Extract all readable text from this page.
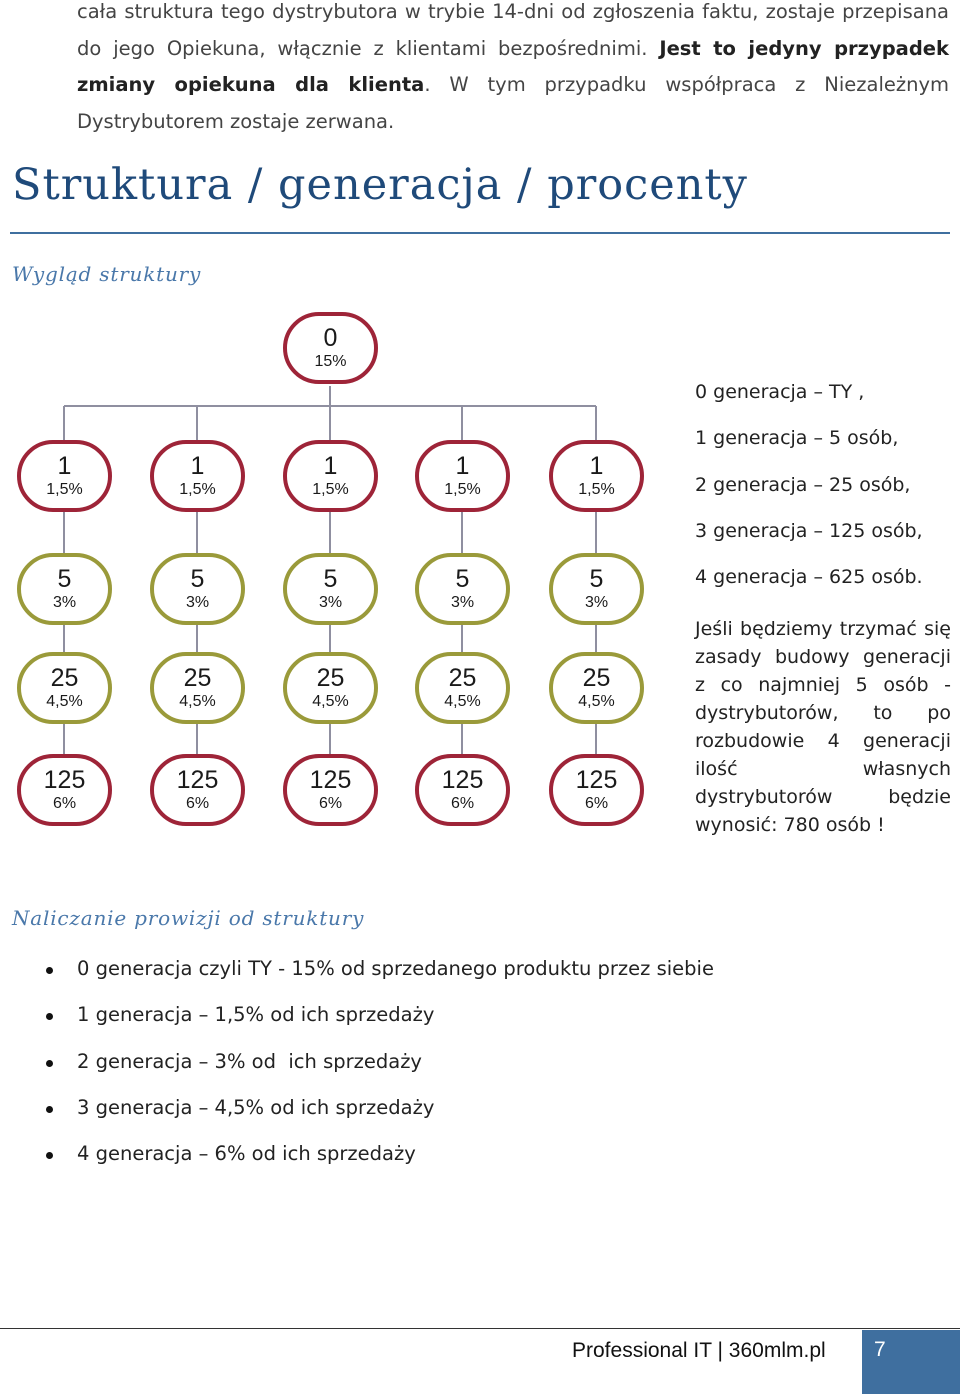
cała struktura tego dystrybutora w trybie 14-dni od zgłoszenia faktu, zostaje przepisana do jego Opiekuna, włącznie z klientami bezpośrednimi. Jest to jedyny przypadek zmiany opiekuna dla klienta. W tym przypadku współpraca z Niezależnym Dystrybutorem zostaje zerwana.
Struktura / generacja / procenty
Wygląd struktury
0
15%
1
1,5%
1
1,5%
1
1,5%
1
1,5%
1
1,5%
5
3%
5
3%
5
3%
5
3%
5
3%
25
4,5%
25
4,5%
25
4,5%
25
4,5%
25
4,5%
125
6%
125
6%
125
6%
125
6%
125
6%
0 generacja – TY ,
1 generacja – 5 osób,
2 generacja – 25 osób,
3 generacja – 125 osób,
4 generacja – 625 osób.
Jeśli będziemy trzymać się zasady budowy generacji z co najmniej 5 osób - dystrybutorów, to po rozbudowie 4 generacji ilość własnych dystrybutorów będzie wynosić: 780 osób !
Naliczanie prowizji od struktury
0 generacja czyli TY - 15% od sprzedanego produktu przez siebie
1 generacja – 1,5% od ich sprzedaży
2 generacja – 3% od  ich sprzedaży
3 generacja – 4,5% od ich sprzedaży
4 generacja – 6% od ich sprzedaży
Professional IT | 360mlm.pl 7
